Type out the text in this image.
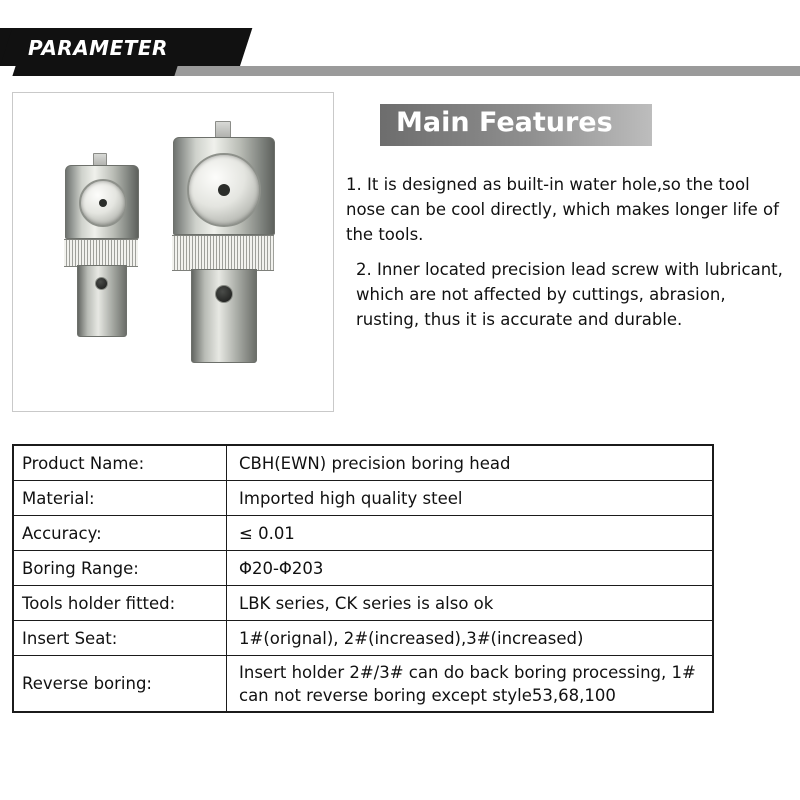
PARAMETER
Main Features
1. It is designed as built-in water hole,so the tool nose can be cool directly, which makes longer life of the tools.
2. Inner located precision lead screw with lubricant, which are not affected by cuttings, abrasion, rusting, thus it is accurate and durable.
Product Name:	CBH(EWN) precision boring head
Material:	Imported high quality steel
Accuracy:	≤ 0.01
Boring Range:	Φ20-Φ203
Tools holder fitted:	LBK series, CK series is also ok
Insert Seat:	1#(orignal), 2#(increased),3#(increased)
Reverse boring:	Insert holder 2#/3# can do back boring processing, 1# can not reverse boring except style53,68,100
